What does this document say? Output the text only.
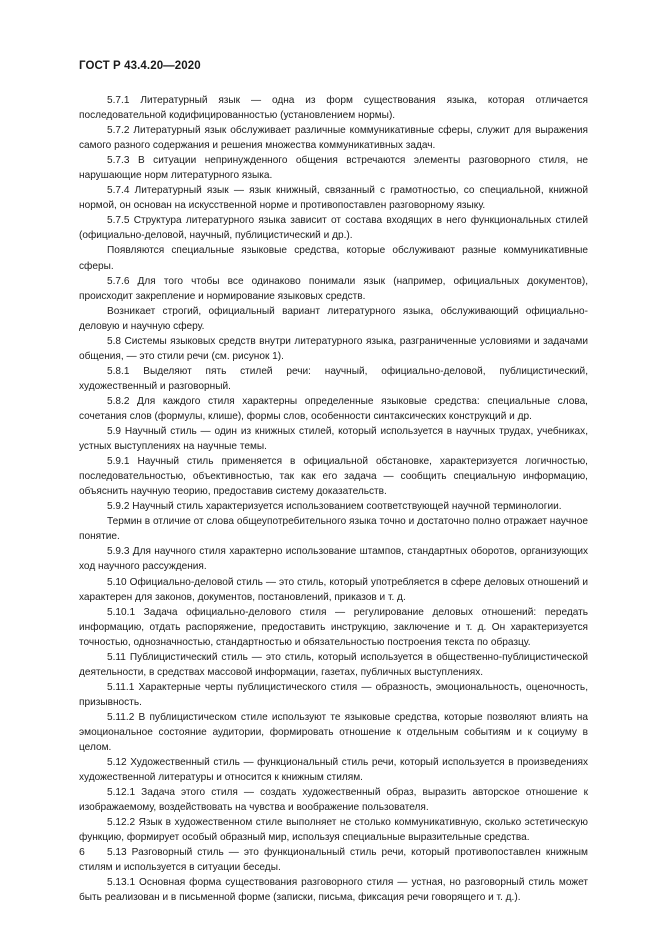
ГОСТ Р 43.4.20—2020

5.7.1 Литературный язык — одна из форм существования языка, которая отличается последовательной кодифицированностью (установлением нормы).

5.7.2 Литературный язык обслуживает различные коммуникативные сферы, служит для выражения самого разного содержания и решения множества коммуникативных задач.

5.7.3 В ситуации непринужденного общения встречаются элементы разговорного стиля, не нарушающие норм литературного языка.

5.7.4 Литературный язык — язык книжный, связанный с грамотностью, со специальной, книжной нормой, он основан на искусственной норме и противопоставлен разговорному языку.

5.7.5 Структура литературного языка зависит от состава входящих в него функциональных стилей (официально-деловой, научный, публицистический и др.).

Появляются специальные языковые средства, которые обслуживают разные коммуникативные сферы.

5.7.6 Для того чтобы все одинаково понимали язык (например, официальных документов), происходит закрепление и нормирование языковых средств.

Возникает строгий, официальный вариант литературного языка, обслуживающий официально-деловую и научную сферу.

5.8 Системы языковых средств внутри литературного языка, разграниченные условиями и задачами общения, — это стили речи (см. рисунок 1).

5.8.1 Выделяют пять стилей речи: научный, официально-деловой, публицистический, художественный и разговорный.

5.8.2 Для каждого стиля характерны определенные языковые средства: специальные слова, сочетания слов (формулы, клише), формы слов, особенности синтаксических конструкций и др.

5.9 Научный стиль — один из книжных стилей, который используется в научных трудах, учебниках, устных выступлениях на научные темы.

5.9.1 Научный стиль применяется в официальной обстановке, характеризуется логичностью, последовательностью, объективностью, так как его задача — сообщить специальную информацию, объяснить научную теорию, предоставив систему доказательств.

5.9.2 Научный стиль характеризуется использованием соответствующей научной терминологии.

Термин в отличие от слова общеупотребительного языка точно и достаточно полно отражает научное понятие.

5.9.3 Для научного стиля характерно использование штампов, стандартных оборотов, организующих ход научного рассуждения.

5.10 Официально-деловой стиль — это стиль, который употребляется в сфере деловых отношений и характерен для законов, документов, постановлений, приказов и т. д.

5.10.1 Задача официально-делового стиля — регулирование деловых отношений: передать информацию, отдать распоряжение, предоставить инструкцию, заключение и т. д. Он характеризуется точностью, однозначностью, стандартностью и обязательностью построения текста по образцу.

5.11 Публицистический стиль — это стиль, который используется в общественно-публицистической деятельности, в средствах массовой информации, газетах, публичных выступлениях.

5.11.1 Характерные черты публицистического стиля — образность, эмоциональность, оценочность, призывность.

5.11.2 В публицистическом стиле используют те языковые средства, которые позволяют влиять на эмоциональное состояние аудитории, формировать отношение к отдельным событиям и к социуму в целом.

5.12 Художественный стиль — функциональный стиль речи, который используется в произведениях художественной литературы и относится к книжным стилям.

5.12.1 Задача этого стиля — создать художественный образ, выразить авторское отношение к изображаемому, воздействовать на чувства и воображение пользователя.

5.12.2 Язык в художественном стиле выполняет не столько коммуникативную, сколько эстетическую функцию, формирует особый образный мир, используя специальные выразительные средства.

5.13 Разговорный стиль — это функциональный стиль речи, который противопоставлен книжным стилям и используется в ситуации беседы.

5.13.1 Основная форма существования разговорного стиля — устная, но разговорный стиль может быть реализован и в письменной форме (записки, письма, фиксация речи говорящего и т. д.).

6
